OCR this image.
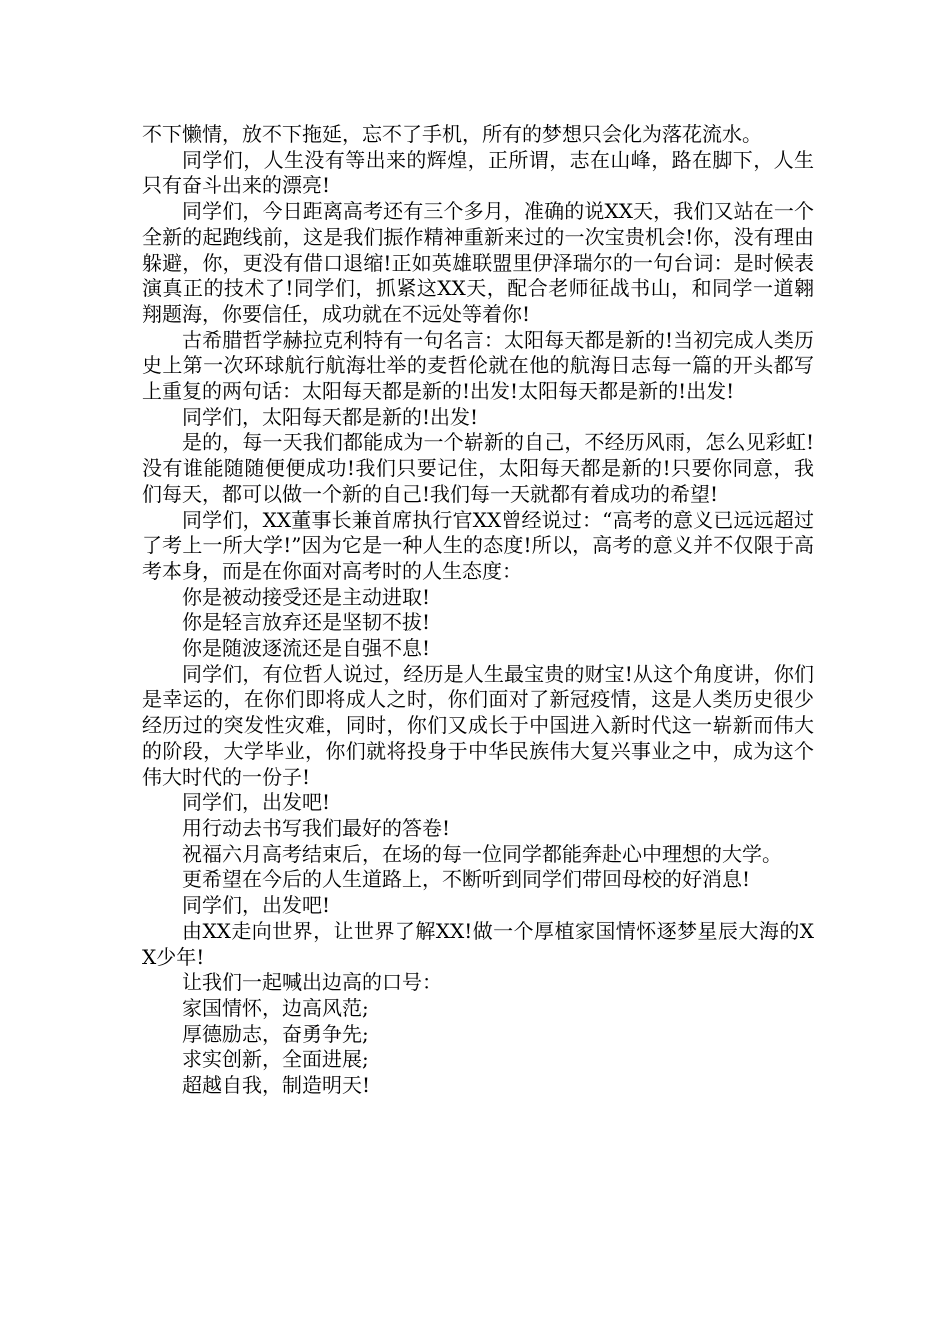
不下懒情，放不下拖延，忘不了手机，所有的梦想只会化为落花流水。

同学们，人生没有等出来的辉煌，正所谓，志在山峰，路在脚下，人生只有奋斗出来的漂亮!

同学们，今日距离高考还有三个多月，准确的说XX天，我们又站在一个全新的起跑线前，这是我们振作精神重新来过的一次宝贵机会!你，没有理由躲避，你，更没有借口退缩!正如英雄联盟里伊泽瑞尔的一句台词：是时候表演真正的技术了!同学们，抓紧这XX天，配合老师征战书山，和同学一道翱翔题海，你要信任，成功就在不远处等着你!

古希腊哲学赫拉克利特有一句名言：太阳每天都是新的!当初完成人类历史上第一次环球航行航海壮举的麦哲伦就在他的航海日志每一篇的开头都写上重复的两句话：太阳每天都是新的!出发!太阳每天都是新的!出发!

同学们，太阳每天都是新的!出发!

是的，每一天我们都能成为一个崭新的自己，不经历风雨，怎么见彩虹!没有谁能随随便便成功!我们只要记住，太阳每天都是新的!只要你同意，我们每天，都可以做一个新的自己!我们每一天就都有着成功的希望!

同学们，XX董事长兼首席执行官XX曾经说过：“高考的意义已远远超过了考上一所大学!”因为它是一种人生的态度!所以，高考的意义并不仅限于高考本身，而是在你面对高考时的人生态度：

你是被动接受还是主动进取!

你是轻言放弃还是坚韧不拔!

你是随波逐流还是自强不息!

同学们，有位哲人说过，经历是人生最宝贵的财宝!从这个角度讲，你们是幸运的，在你们即将成人之时，你们面对了新冠疫情，这是人类历史很少经历过的突发性灾难，同时，你们又成长于中国进入新时代这一崭新而伟大的阶段，大学毕业，你们就将投身于中华民族伟大复兴事业之中，成为这个伟大时代的一份子!

同学们，出发吧!

用行动去书写我们最好的答卷!

祝福六月高考结束后，在场的每一位同学都能奔赴心中理想的大学。

更希望在今后的人生道路上，不断听到同学们带回母校的好消息!

同学们，出发吧!

由XX走向世界，让世界了解XX!做一个厚植家国情怀逐梦星辰大海的XX少年!

让我们一起喊出边高的口号：

家国情怀，边高风范;

厚德励志，奋勇争先;

求实创新，全面进展;

超越自我，制造明天!
